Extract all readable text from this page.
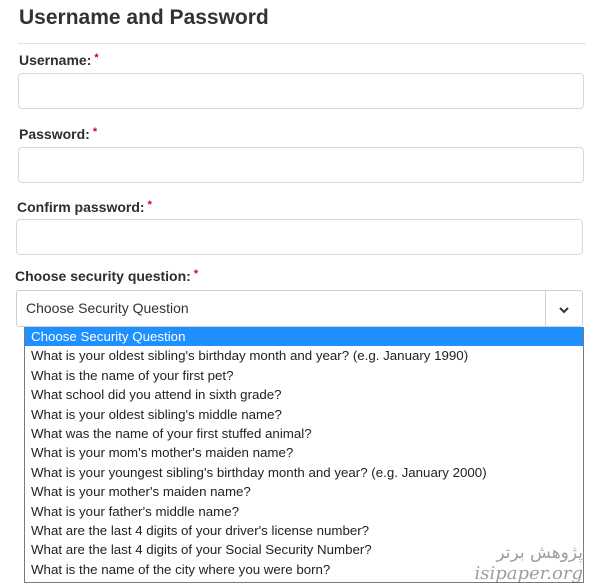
Username and Password
Username: *
Password: *
Confirm password: *
Choose security question: *
Choose Security Question
Choose Security Question
What is your oldest sibling's birthday month and year? (e.g. January 1990)
What is the name of your first pet?
What school did you attend in sixth grade?
What is your oldest sibling's middle name?
What was the name of your first stuffed animal?
What is your mom's mother's maiden name?
What is your youngest sibling's birthday month and year? (e.g. January 2000)
What is your mother's maiden name?
What is your father's middle name?
What are the last 4 digits of your driver's license number?
What are the last 4 digits of your Social Security Number?
What is the name of the city where you were born?
پژوهش برتر
isipaper.org
